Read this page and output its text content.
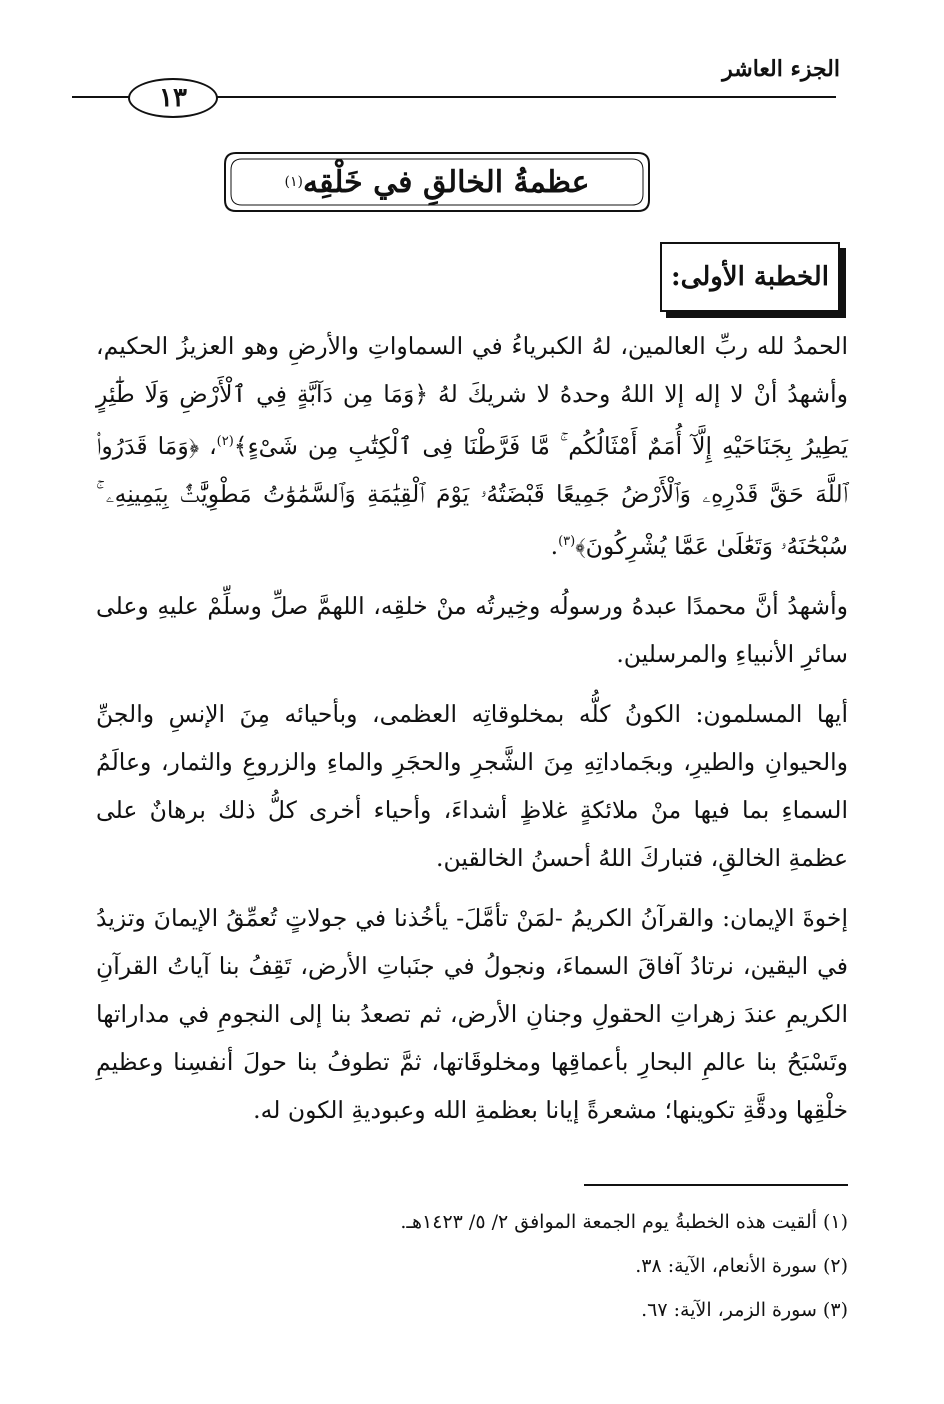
الجزء العاشر
١٣
عظمةُ الخالقِ في خَلْقِه
(١)
الخطبة الأولى:

الحمدُ لله ربِّ العالمين، لهُ الكبرياءُ في السماواتِ والأرضِ وهو العزيزُ الحكيم، وأشهدُ أنْ لا إله إلا اللهُ وحدهُ لا شريكَ لهُ ﴿وَمَا مِن دَآبَّةٍ فِي ٱلْأَرْضِ وَلَا طَٰٓئِرٍ يَطِيرُ بِجَنَاحَيْهِ إِلَّآ أُمَمٌ أَمْثَالُكُم ۚ مَّا فَرَّطْنَا فِى ٱلْكِتَٰبِ مِن شَىْءٍ﴾$^{(٢)}$، ﴿وَمَا قَدَرُوا۟ ٱللَّهَ حَقَّ قَدْرِهِۦ وَٱلْأَرْضُ جَمِيعًا قَبْضَتُهُۥ يَوْمَ ٱلْقِيَٰمَةِ وَٱلسَّمَٰوَٰتُ مَطْوِيَّٰتٌۢ بِيَمِينِهِۦ ۚ سُبْحَٰنَهُۥ وَتَعَٰلَىٰ عَمَّا يُشْرِكُونَ﴾$^{(٣)}$.

وأشهدُ أنَّ محمدًا عبدهُ ورسولُه وخِيرتُه منْ خلقِه، اللهمَّ صلِّ وسلِّمْ عليهِ وعلى سائرِ الأنبياءِ والمرسلين.

أيها المسلمون: الكونُ كلُّه بمخلوقاتِه العظمى، وبأحيائه مِنَ الإنسِ والجنِّ والحيوانِ والطيرِ، وبجَماداتِهِ مِنَ الشَّجرِ والحجَرِ والماءِ والزروعِ والثمار، وعالَمُ السماءِ بما فيها منْ ملائكةٍ غلاظٍ أشداءَ، وأحياء أخرى كلُّ ذلك برهانٌ على عظمةِ الخالقِ، فتباركَ اللهُ أحسنُ الخالقين.

إخوةَ الإيمان: والقرآنُ الكريمُ -لمَنْ تأمَّلَ- يأخُذنا في جولاتٍ تُعمِّقُ الإيمانَ وتزيدُ في اليقين، نرتادُ آفاقَ السماءَ، ونجولُ في جنَباتِ الأرض، تَقِفُ بنا آياتُ القرآنِ الكريمِ عندَ زهراتِ الحقولِ وجنانِ الأرض، ثم تصعدُ بنا إلى النجومِ في مداراتها وتَسْبَحُ بنا عالمِ البحارِ بأعماقِها ومخلوقَاتها، ثمَّ تطوفُ بنا حولَ أنفسِنا وعظيمِ خلْقِها ودقَّةِ تكوينها؛ مشعرةً إيانا بعظمةِ الله وعبوديةِ الكون له.

(١) ألقيت هذه الخطبةُ يوم الجمعة الموافق ٢/ ٥/ ١٤٢٣هـ.
(٢) سورة الأنعام، الآية: ٣٨.
(٣) سورة الزمر، الآية: ٦٧.
